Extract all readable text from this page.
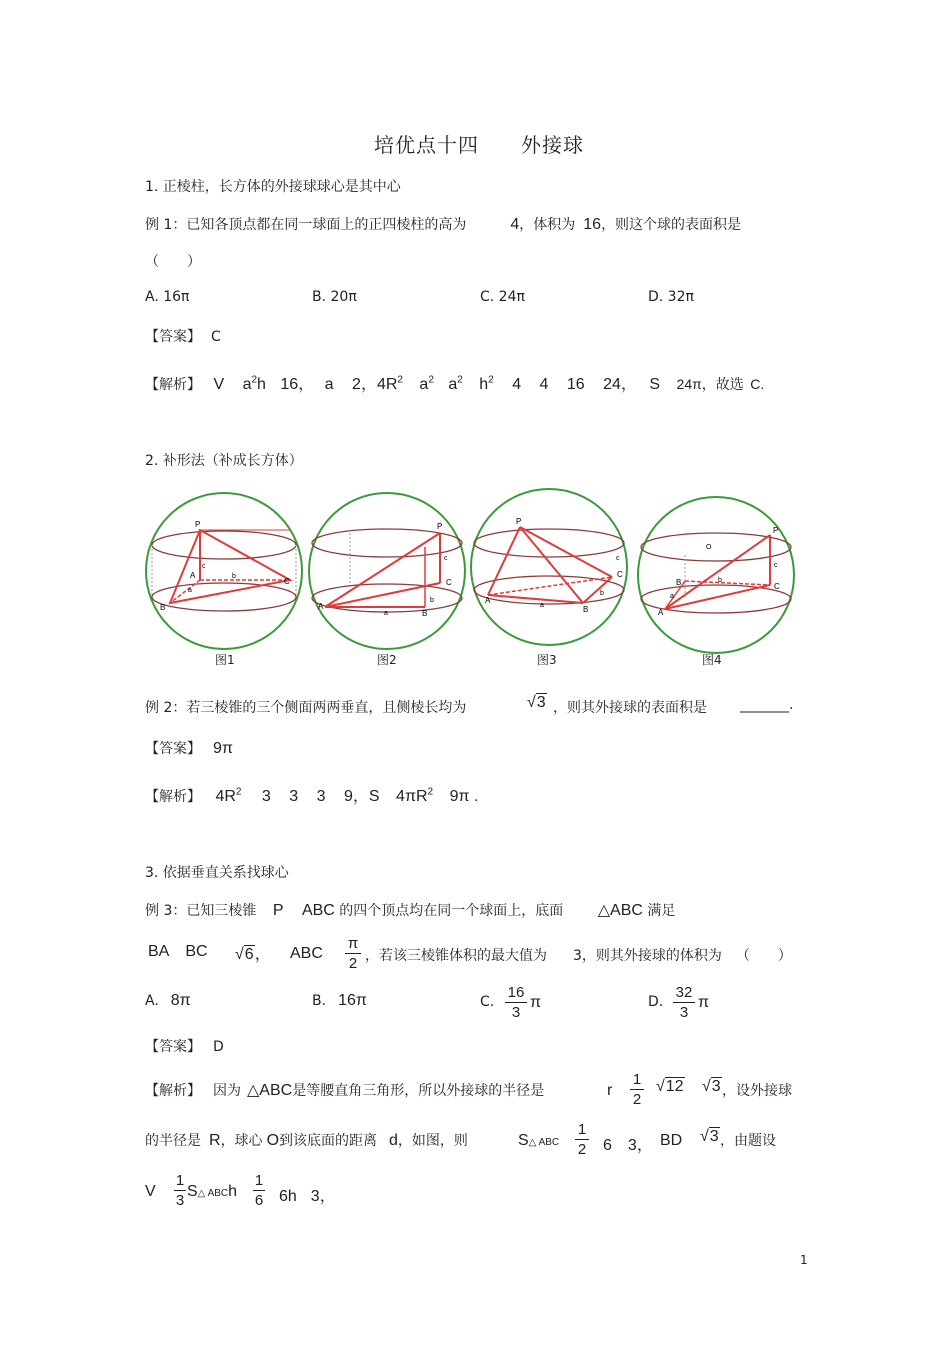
培优点十四　　外接球
1. 正棱柱，长方体的外接球球心是其中心
例 1：已知各顶点都在同一球面上的正四棱柱的高为	4，体积为 16，则这个球的表面积是
（　　）
A. 16π	B. 20π	C. 24π	D. 32π
【答案】 C
【解析】 V $a^2h$ 16， a 2，$4R^2$ $a^2$ $a^2$ $h^2$ 4 4 16 24， S 24π，故选 C.
2. 补形法（补成长方体）
P
A
B
C
c
b
a
P
A
B
C
c
b
a
P
A
B
C
c
b
a
O
P
B
A
C
c
b
a
图1	图2	图3	图4
例 2：若三棱锥的三个侧面两两垂直，且侧棱长均为	√3 ，则其外接球的表面积是 _______.
【答案】 9π
【解析】 $4R^2$ 3 3 3 9，S $4\pi R^2$ 9π .
3. 依据垂直关系找球心
例 3：已知三棱锥 P ABC 的四个顶点均在同一个球面上，底面 △ABC 满足
BA BC √6， ABC
π
2 ，若该三棱锥体积的最大值为 3，则其外接球的体积为 （　　）
A. 8π	B. 16π	C.
16
3
π	D.
32
3
π
【答案】 D
【解析】 因为 △ABC是等腰直角三角形，所以外接球的半径是	r
1
2
√12 √3 ，设外接球
的半径是 R，球心 O到该底面的距离 d，如图，则	S△ ABC
1
2 6 3， BD √3 ，由题设
V
1
3
S△ ABCh
1
6 6h 3，
1
